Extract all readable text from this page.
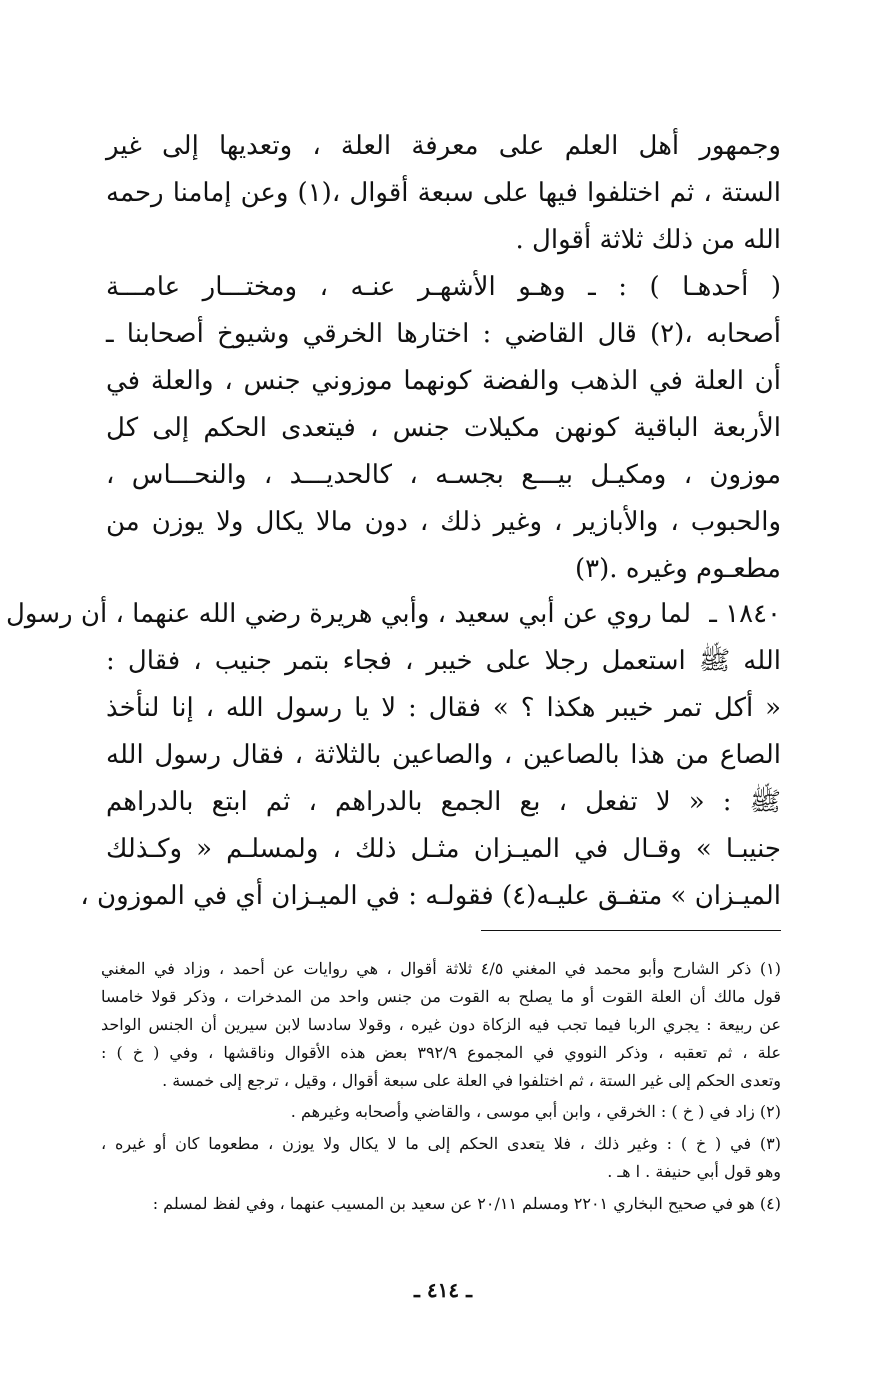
وجمهور أهل العلم على معرفة العلة ، وتعديها إلى غير
الستة ، ثم اختلفوا فيها على سبعة أقوال ،(١) وعن إمامنا رحمه
الله من ذلك ثلاثة أقوال .
( أحدهـا ) : ـ وهـو الأشهـر عنـه ، ومختـــار عامـــة
أصحابه ،(٢) قال القاضي : اختارها الخرقي وشيوخ أصحابنا ـ
أن العلة في الذهب والفضة كونهما موزوني جنس ، والعلة في
الأربعة الباقية كونهن مكيلات جنس ، فيتعدى الحكم إلى كل
موزون ، ومكيـل بيـــع بجسـه ، كالحديـــد ، والنحـــاس ،
والحبوب ، والأبازير ، وغير ذلك ، دون مالا يكال ولا يوزن من
مطعـوم وغيره .(٣)
١٨٤٠ ـ
لما روي عن أبي سعيد ، وأبي هريرة رضي الله عنهما ، أن رسول
الله ﷺ استعمل رجلا على خيبر ، فجاء بتمر جنيب ، فقال :
« أكل تمر خيبر هكذا ؟ » فقال : لا يا رسول الله ، إنا لنأخذ
الصاع من هذا بالصاعين ، والصاعين بالثلاثة ، فقال رسول الله
ﷺ : « لا تفعل ، بع الجمع بالدراهم ، ثم ابتع بالدراهم
جنيبـا » وقـال في الميـزان مثـل ذلك ، ولمسلـم « وكـذلك
الميـزان » متفـق عليـه(٤) فقولـه : في الميـزان أي في الموزون ،
(١) ذكر الشارح وأبو محمد في المغني ٤/٥ ثلاثة أقوال ، هي روايات عن أحمد ، وزاد في المغني
قول مالك أن العلة القوت أو ما يصلح به القوت من جنس واحد من المدخرات ، وذكر قولا خامسا
عن ربيعة : يجري الربا فيما تجب فيه الزكاة دون غيره ، وقولا سادسا لابن سيرين أن الجنس الواحد
علة ، ثم تعقبه ، وذكر النووي في المجموع ٣٩٢/٩ بعض هذه الأقوال وناقشها ، وفي ( خ ) :
وتعدى الحكم إلى غير الستة ، ثم اختلفوا في العلة على سبعة أقوال ، وقيل ، ترجع إلى خمسة .
(٢) زاد في ( خ ) : الخرقي ، وابن أبي موسى ، والقاضي وأصحابه وغيرهم .
(٣) في ( خ ) : وغير ذلك ، فلا يتعدى الحكم إلى ما لا يكال ولا يوزن ، مطعوما كان أو غيره ،
وهو قول أبي حنيفة . ا هـ .
(٤) هو في صحيح البخاري ٢٢٠١ ومسلم ٢٠/١١ عن سعيد بن المسيب عنهما ، وفي لفظ لمسلم :
ـ ٤١٤ ـ
